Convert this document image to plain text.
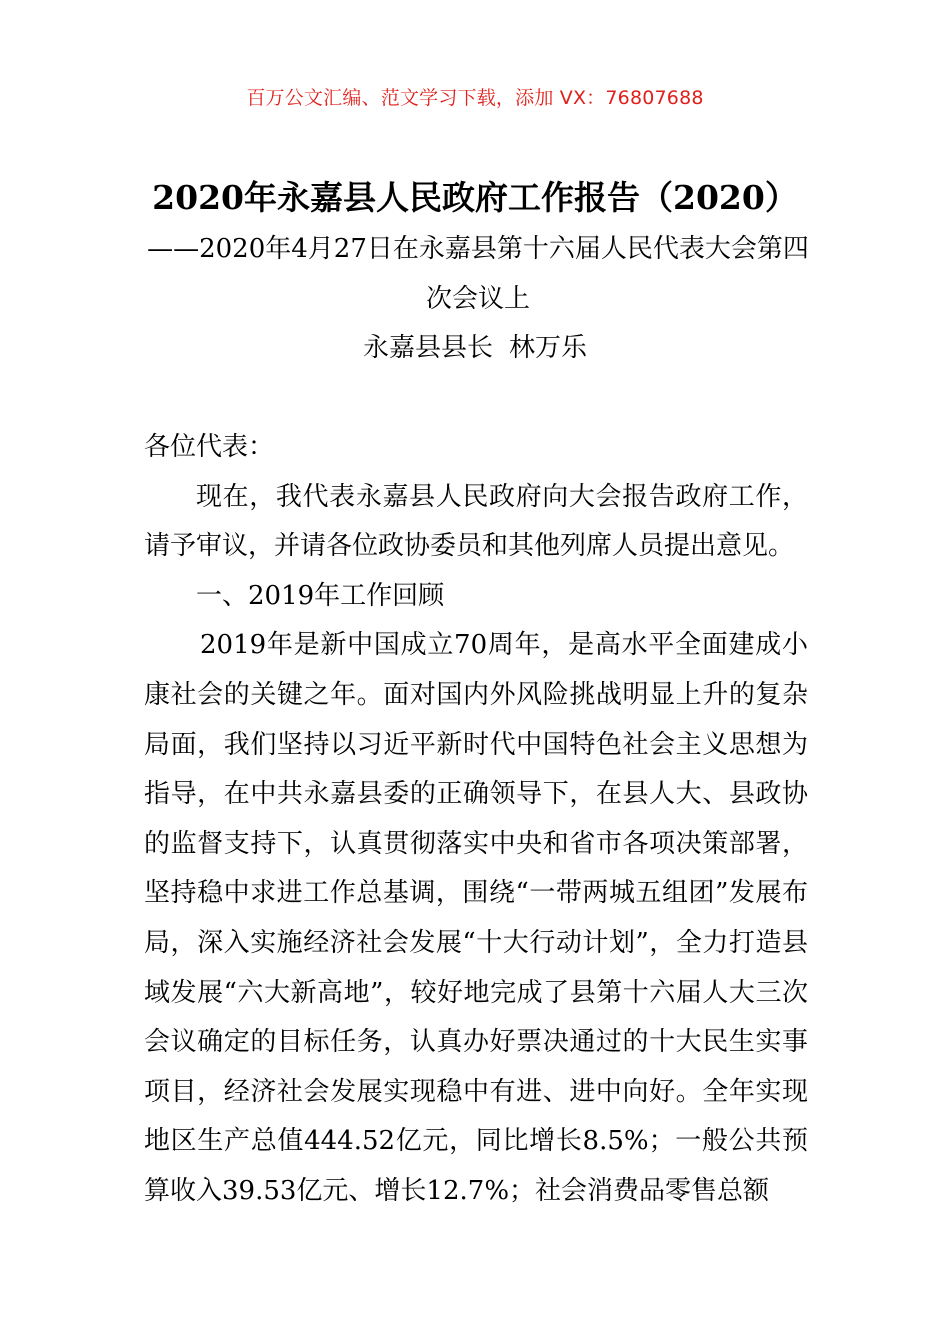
百万公文汇编、范文学习下载，添加 VX：76807688
2020年永嘉县人民政府工作报告（2020）
——2020年4月27日在永嘉县第十六届人民代表大会第四次会议上
永嘉县县长 林万乐

各位代表：

现在，我代表永嘉县人民政府向大会报告政府工作，请予审议，并请各位政协委员和其他列席人员提出意见。

一、2019年工作回顾

2019年是新中国成立70周年，是高水平全面建成小康社会的关键之年。面对国内外风险挑战明显上升的复杂局面，我们坚持以习近平新时代中国特色社会主义思想为指导，在中共永嘉县委的正确领导下，在县人大、县政协的监督支持下，认真贯彻落实中央和省市各项决策部署，坚持稳中求进工作总基调，围绕“一带两城五组团”发展布局，深入实施经济社会发展“十大行动计划”，全力打造县域发展“六大新高地”，较好地完成了县第十六届人大三次会议确定的目标任务，认真办好票决通过的十大民生实事项目，经济社会发展实现稳中有进、进中向好。全年实现地区生产总值444.52亿元，同比增长8.5%；一般公共预算收入39.53亿元、增长12.7%；社会消费品零售总额
